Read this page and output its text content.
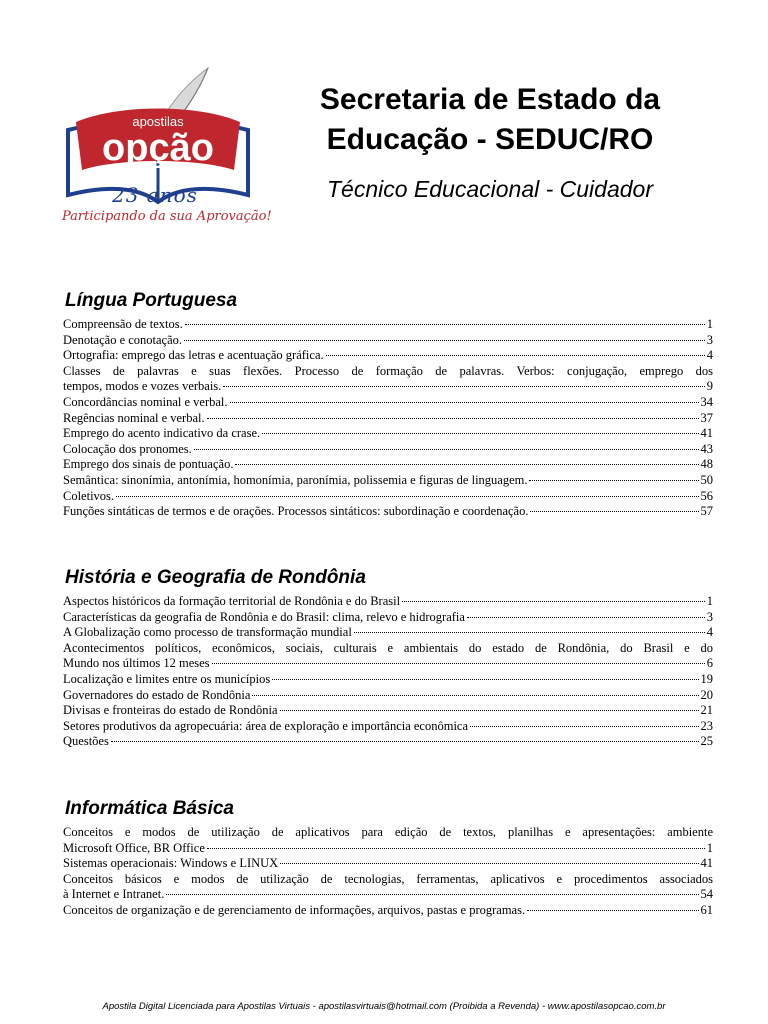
apostilas
opção
23 anos
Participando da sua Aprovação!
Secretaria de Estado da
Educação - SEDUC/RO
Técnico Educacional - Cuidador
Língua Portuguesa
Compreensão de textos.	1
Denotação e conotação.	3
Ortografia: emprego das letras e acentuação gráfica.	4
Classes de palavras e suas flexões. Processo de formação de palavras. Verbos: conjugação, emprego dos
tempos, modos e vozes verbais.	9
Concordâncias nominal e verbal.	34
Regências nominal e verbal.	37
Emprego do acento indicativo da crase.	41
Colocação dos pronomes.	43
Emprego dos sinais de pontuação.	48
Semântica: sinonímia, antonímia, homonímia, paronímia, polissemia e figuras de linguagem.	50
Coletivos.	56
Funções sintáticas de termos e de orações. Processos sintáticos: subordinação e coordenação.	57
História e Geografia de Rondônia
Aspectos históricos da formação territorial de Rondônia e do Brasil	1
Características da geografia de Rondônia e do Brasil: clima, relevo e hidrografia	3
A Globalização como processo de transformação mundial	4
Acontecimentos políticos, econômicos, sociais, culturais e ambientais do estado de Rondônia, do Brasil e do
Mundo nos últimos 12 meses	6
Localização e limites entre os municípios	19
Governadores do estado de Rondônia	20
Divisas e fronteiras do estado de Rondônia	21
Setores produtivos da agropecuária: área de exploração e importância econômica	23
Questões	25
Informática Básica
Conceitos e modos de utilização de aplicativos para edição de textos, planilhas e apresentações: ambiente
Microsoft Office, BR Office	1
Sistemas operacionais: Windows e LINUX	41
Conceitos básicos e modos de utilização de tecnologias, ferramentas, aplicativos e procedimentos associados
à Internet e Intranet.	54
Conceitos de organização e de gerenciamento de informações, arquivos, pastas e programas.	61
Apostila Digital Licenciada para Apostilas Virtuais - apostilasvirtuais@hotmail.com (Proibida a Revenda) - www.apostilasopcao.com.br
